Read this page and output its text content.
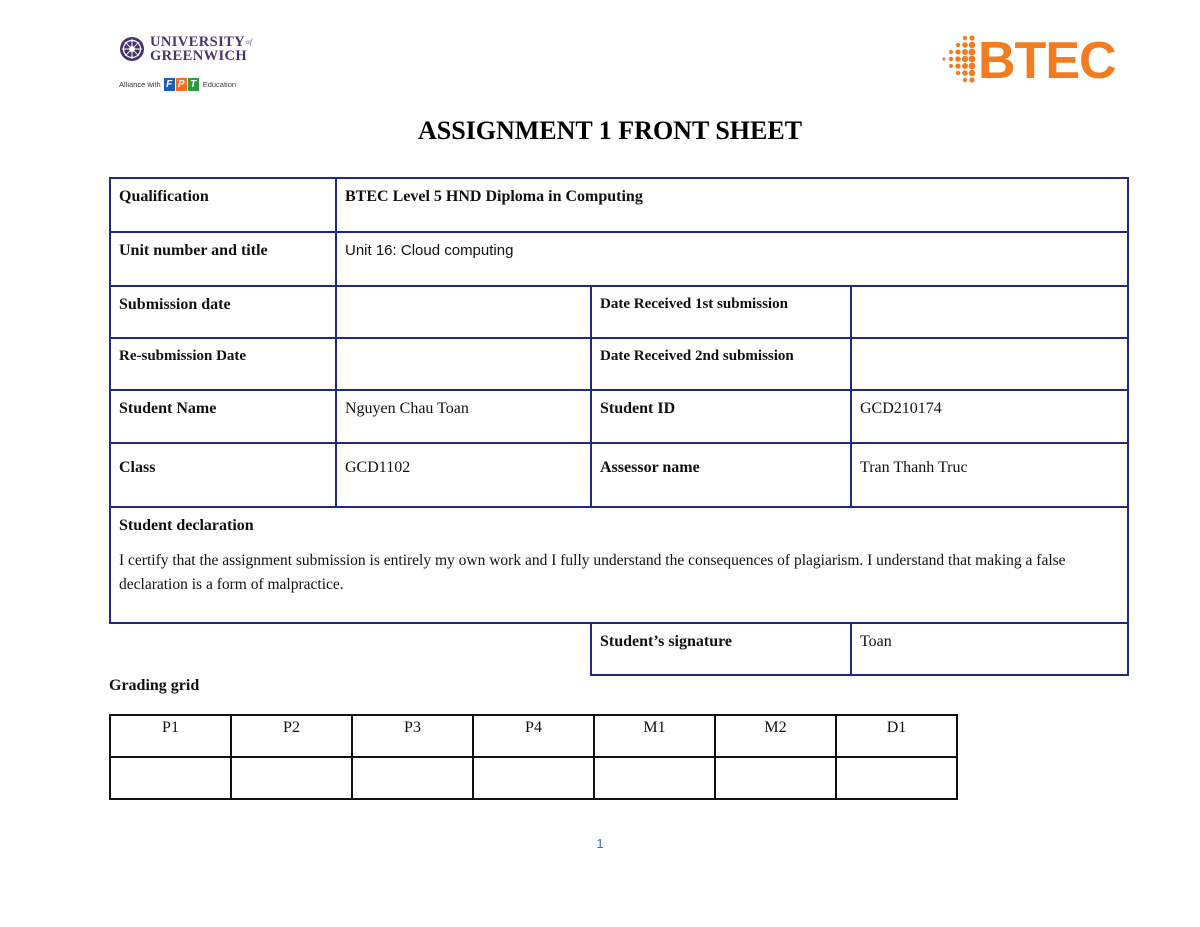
UNIVERSITYof
GREENWICH
Alliance with F P T Education	BTEC
ASSIGNMENT 1 FRONT SHEET
Qualification	BTEC Level 5 HND Diploma in Computing		
Unit number and title	Unit 16: Cloud computing		
Submission date		Date Received 1st submission	
Re-submission Date		Date Received 2nd submission	
Student Name	Nguyen Chau Toan	Student ID	GCD210174
Class	GCD1102	Assessor name	Tran Thanh Truc

Student declaration
I certify that the assignment submission is entirely my own work and I fully understand the consequences of plagiarism. I understand that making a false declaration is a form of malpractice.			

		Student’s signature	Toan
Grading grid
P1	P2	P3	P4	M1	M2	D1

1
